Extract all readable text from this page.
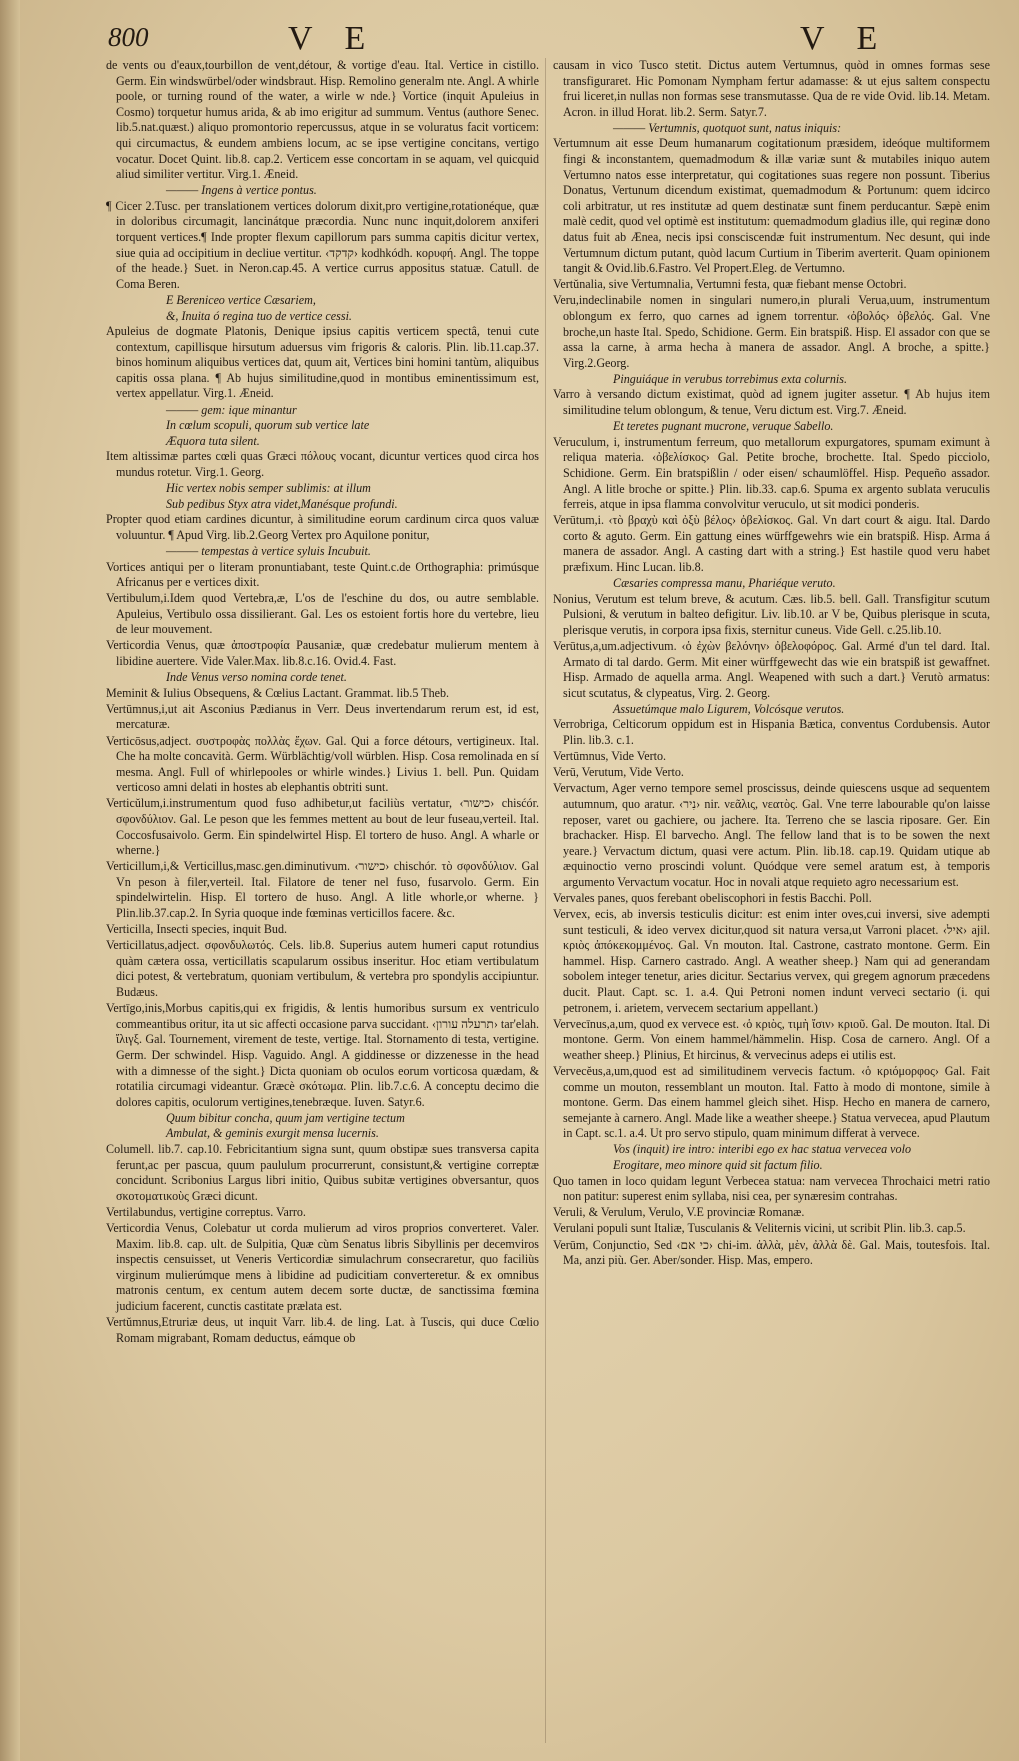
800	V E	V E
de vents ou d'eaux,tourbillon de vent,détour, & vortige d'eau. Ital. Vertice in cistillo. Germ. Ein windswürbel/oder windsbraut. Hisp. Remolino generalm nte. Angl. A whirle poole, or turning round of the water, a wirle w nde.} Vortice (inquit Apuleius in Cosmo) torquetur humus arida, & ab imo erigitur ad summum. Ventus (authore Senec. lib.5.nat.quæst.) aliquo promontorio repercussus, atque in se voluratus facit vorticem: qui circumactus, & eundem ambiens locum, ac se ipse vertigine concitans, vertigo vocatur. Docet Quint. lib.8. cap.2. Verticem esse concortam in se aquam, vel quicquid aliud similiter vertitur. Virg.1. Æneid.
——— Ingens à vertice pontus.
¶ Cicer 2.Tusc. per translationem vertices dolorum dixit,pro vertigine,rotationéque, quæ in doloribus circumagit, lancinátque præcordia. Nunc nunc inquit,dolorem anxiferi torquent vertices.¶ Inde propter flexum capillorum pars summa capitis dicitur vertex, siue quia ad occipitium in decliue vertitur. ‹קדקד› kodhkódh. κορυφή. Angl. The toppe of the heade.} Suet. in Neron.cap.45. A vertice currus appositus statuæ. Catull. de Coma Beren.
E Berenicео vertice Cæsariem,
&, Inuita ó regina tuo de vertice cessi.
Apuleius de dogmate Platonis, Denique ipsius capitis verticem spectâ, tenui cute contextum, capillisque hirsutum aduersus vim frigoris & caloris. Plin. lib.11.cap.37. binos hominum aliquibus vertices dat, quum ait, Vertices bini homini tantùm, aliquibus capitis ossa plana. ¶ Ab hujus similitudine,quod in montibus eminentissimum est, vertex appellatur. Virg.1. Æneid.
——— gem: ique minantur
In cœlum scopuli, quorum sub vertice late
Æquora tuta silent.
Item altissimæ partes cœli quas Græci πόλους vocant, dicuntur vertices quod circa hos mundus rotetur. Virg.1. Georg.
Hic vertex nobis semper sublimis: at illum
Sub pedibus Styx atra videt,Manésque profundi.
Propter quod etiam cardines dicuntur, à similitudine eorum cardinum circa quos valuæ voluuntur. ¶ Apud Virg. lib.2.Georg Vertex pro Aquilone ponitur,
——— tempestas à vertice syluis Incubuit.
Vortices antiqui per o literam pronuntiabant, teste Quint.c.de Orthographia: primúsque Africanus per e vertices dixit.
Vertibulum,i.Idem quod Vertebra,æ, L'os de l'eschine du dos, ou autre semblable. Apuleius, Vertibulo ossa dissilierant. Gal. Les os estoient fortis hore du vertebre, lieu de leur mouvement.
Verticordia Venus, quæ ἀποστροφία Pausaniæ, quæ credebatur mulierum mentem à libidine auertere. Vide Valer.Max. lib.8.c.16. Ovid.4. Fast.
Inde Venus verso nomina corde tenet.
Meminit & Iulius Obsequens, & Cœlius Lactant. Grammat. lib.5 Theb.
Vertūmnus,i,ut ait Asconius Pædianus in Verr. Deus invertendarum rerum est, id est, mercaturæ.
Verticōsus,adject. συστροφὰς πολλὰς ἔχων. Gal. Qui a force détours, vertigineux. Ital. Che ha molte concavità. Germ. Würblächtig/voll würblen. Hisp. Cosa remolinada en sí mesma. Angl. Full of whirlepooles or whirle windes.} Livius 1. bell. Pun. Quidam verticoso amni delati in hostes ab elephantis obtriti sunt.
Verticŭlum,i.instrumentum quod fuso adhibetur,ut faciliùs vertatur, ‹כישור› chisćór. σφονδύλιον. Gal. Le peson que les femmes mettent au bout de leur fuseau,verteil. Ital. Coccosfusaivolo. Germ. Ein spindelwirtel Hisp. El tortero de huso. Angl. A wharle or wherne.}
Verticillum,i,& Verticillus,masc.gen.diminutivum. ‹כישור› chischór. τὸ σφονδύλιον. Gal Vn peson à filer,verteil. Ital. Filatore de tener nel fuso, fusarvolo. Germ. Ein spindelwirtelin. Hisp. El tortero de huso. Angl. A litle whorle,or wherne. } Plin.lib.37.cap.2. In Syria quoque inde fœminas verticillos facere. &c.
Verticilla, Insecti species, inquit Bud.
Verticillatus,adject. σφονδυλωτός. Cels. lib.8. Superius autem humeri caput rotundius quàm cætera ossa, verticillatis scapularum ossibus inseritur. Hoc etiam vertibulatum dici potest, & vertebratum, quoniam vertibulum, & vertebra pro spondylis accipiuntur. Budæus.
Vertīgo,inis,Morbus capitis,qui ex frigidis, & lentis humoribus sursum ex ventriculo commeantibus oritur, ita ut sic affecti occasione parva succidant. ‹תרעלה עורון› tar'elah. ἴλιγξ. Gal. Tournement, virement de teste, vertige. Ital. Stornamento di testa, vertigine. Germ. Der schwindel. Hisp. Vaguido. Angl. A giddinesse or dizzenesse in the head with a dimnesse of the sight.} Dicta quoniam ob oculos eorum vorticosa quædam, & rotatilia circumagi videantur. Græcè σκότωμα. Plin. lib.7.c.6. A conceptu decimo die dolores capitis, oculorum vertigines,tenebræque. Iuven. Satyr.6.
Quum bibitur concha, quum jam vertigine tectum
Ambulat, & geminis exurgit mensa lucernis.
Columell. lib.7. cap.10. Febricitantium signa sunt, quum obstipæ sues transversa capita ferunt,ac per pascua, quum paululum procurrerunt, consistunt,& vertigine correptæ concidunt. Scribonius Largus libri initio, Quibus subitæ vertigines obversantur, quos σκοτοματικοὺς Græci dicunt.
Vertilabundus, vertigine correptus. Varro.
Verticordia Venus, Colebatur ut corda mulierum ad viros proprios converteret. Valer. Maxim. lib.8. cap. ult. de Sulpitia, Quæ cùm Senatus libris Sibyllinis per decemviros inspectis censuisset, ut Veneris Verticordiæ simulachrum consecraretur, quo faciliùs virginum mulierúmque mens à libidine ad pudicitiam converteretur. & ex omnibus matronis centum, ex centum autem decem sorte ductæ, de sanctissima fœmina judicium facerent, cunctis castitate prælata est.
Vertŭmnus,Etruriæ deus, ut inquit Varr. lib.4. de ling. Lat. à Tuscis, qui duce Cœlio Romam migrabant, Romam deductus, eámque ob
causam in vico Tusco stetit. Dictus autem Vertumnus, quòd in omnes formas sese transfiguraret. Hic Pomonam Nympham fertur adamasse: & ut ejus saltem conspectu frui liceret,in nullas non formas sese transmutasse. Qua de re vide Ovid. lib.14. Metam. Acron. in illud Horat. lib.2. Serm. Satyr.7.
——— Vertumnis, quotquot sunt, natus iniquis:
Vertumnum ait esse Deum humanarum cogitationum præsidem, ideóque multiformem fingi & inconstantem, quemadmodum & illæ variæ sunt & mutabiles iniquo autem Vertumno natos esse interpretatur, qui cogitationes suas regere non possunt. Tiberius Donatus, Vertunum dicendum existimat, quemadmodum & Portunum: quem idcirco coli arbitratur, ut res institutæ ad quem destinatæ sunt finem perducantur. Sæpè enim malè cedit, quod vel optimè est institutum: quemadmodum gladius ille, qui reginæ dono datus fuit ab Ænea, necis ipsi consciscendæ fuit instrumentum. Nec desunt, qui inde Vertumnum dictum putant, quòd lacum Curtium in Tiberim averterit. Quam opinionem tangit & Ovid.lib.6.Fastro. Vel Propert.Eleg. de Vertumno.
Vertŭnalia, sive Vertumnalia, Vertumni festa, quæ fiebant mense Octobri.
Veru,indeclinabile nomen in singulari numero,in plurali Verua,uum, instrumentum oblongum ex ferro, quo carnes ad ignem torrentur. ‹ὀβολός› ὀβελός. Gal. Vne broche,un haste Ital. Spedo, Schidione. Germ. Ein bratspiß. Hisp. El assador con que se assa la carne, à arma hecha à manera de assador. Angl. A broche, a spitte.} Virg.2.Georg.
Pinguiáque in verubus torrebimus exta colurnis.
Varro à versando dictum existimat, quòd ad ignem jugiter assetur. ¶ Ab hujus item similitudine telum oblongum, & tenue, Veru dictum est. Virg.7. Æneid.
Et teretes pugnant mucrone, veruque Sabello.
Veruculum, i, instrumentum ferreum, quo metallorum expurgatores, spumam eximunt à reliqua materia. ‹ὀβελίσκος› Gal. Petite broche, brochette. Ital. Spedo picciolo, Schidione. Germ. Ein bratspißlin / oder eisen/ schaumlöffel. Hisp. Pequeño assador. Angl. A litle broche or spitte.} Plin. lib.33. cap.6. Spuma ex argento sublata veruculis ferreis, atque in ipsa flamma convolvitur veruculo, ut sit modici ponderis.
Verūtum,i. ‹τὸ βραχὺ καὶ ὀξὺ βέλος› ὀβελίσκος. Gal. Vn dart court & aigu. Ital. Dardo corto & aguto. Germ. Ein gattung eines würffgewehrs wie ein bratspiß. Hisp. Arma á manera de assador. Angl. A casting dart with a string.} Est hastile quod veru habet præfixum. Hinc Lucan. lib.8.
Cæsaries compressa manu, Phariéque veruto.
Nonius, Verutum est telum breve, & acutum. Cæs. lib.5. bell. Gall. Transfigitur scutum Pulsioni, & verutum in balteo defigitur. Liv. lib.10. ar V be, Quibus plerisque in scuta, plerisque verutis, in corpora ipsa fixis, sternitur cuneus. Vide Gell. c.25.lib.10.
Verūtus,a,um.adjectivum. ‹ὁ ἐχὼν βελόνην› ὀβελοφόρος. Gal. Armé d'un tel dard. Ital. Armato di tal dardo. Germ. Mit einer würffgewecht das wie ein bratspiß ist gewaffnet. Hisp. Armado de aquella arma. Angl. Weapened with such a dart.} Verutò armatus: sicut scutatus, & clypeatus, Virg. 2. Georg.
Assuetúmque malo Ligurem, Volcósque verutos.
Verrobriga, Celticorum oppidum est in Hispania Bætica, conventus Cordubensis. Autor Plin. lib.3. c.1.
Vertūmnus, Vide Verto.
Verū, Verutum, Vide Verto.
Vervactum, Ager verno tempore semel proscissus, deinde quiescens usque ad sequentem autumnum, quo aratur. ‹נִיר› nir. νεᾶλις, νεατὸς. Gal. Vne terre labourable qu'on laisse reposer, varet ou gachiere, ou jachere. Ita. Terreno che se lascia riposare. Ger. Ein brachacker. Hisp. El barvecho. Angl. The fellow land that is to be sowen the next yeare.} Vervactum dictum, quasi vere actum. Plin. lib.18. cap.19. Quidam utique ab æquinoctio verno proscindi volunt. Quódque vere semel aratum est, à temporis argumento Vervactum vocatur. Hoc in novali atque requieto agro necessarium est.
Vervales panes, quos ferebant obeliscophori in festis Bacchi. Poll.
Vervex, ecis, ab inversis testiculis dicitur: est enim inter oves,cui inversi, sive adempti sunt testiculi, & ideo vervex dicitur,quod sit natura versa,ut Varroni placet. ‹איל› ajil. κριὸς ἀπόκεκομμένος. Gal. Vn mouton. Ital. Castrone, castrato montone. Germ. Ein hammel. Hisp. Carnero castrado. Angl. A weather sheep.} Nam qui ad generandam sobolem integer tenetur, aries dicitur. Sectarius vervex, qui gregem agnorum præcedens ducit. Plaut. Capt. sc. 1. a.4. Qui Petroni nomen indunt verveci sectario (i. qui petronem, i. arietem, vervecem sectarium appellant.)
Vervecīnus,a,um, quod ex vervece est. ‹ὁ κριὸς, τιμὴ ἴσιν› κριοῦ. Gal. De mouton. Ital. Di montone. Germ. Von einem hammel/hämmelin. Hisp. Cosa de carnero. Angl. Of a weather sheep.} Plinius, Et hircinus, & vervecinus adeps ei utilis est.
Vervecĕus,a,um,quod est ad similitudinem vervecis factum. ‹ὁ κριόμορφος› Gal. Fait comme un mouton, ressemblant un mouton. Ital. Fatto à modo di montone, simile à montone. Germ. Das einem hammel gleich sihet. Hisp. Hecho en manera de carnero, semejante à carnero. Angl. Made like a weather sheepe.} Statua vervecea, apud Plautum in Capt. sc.1. a.4. Ut pro servo stipulo, quam minimum differat à vervece.
Vos (inquit) ire intro: interibi ego ex hac statua vervecea volo
Erogitare, meo minore quid sit factum filio.
Quo tamen in loco quidam legunt Verbecea statua: nam vervecea Throchaici metri ratio non patitur: superest enim syllaba, nisi cea, per synæresim contrahas.
Veruli, & Verulum, Verulo, V.E provinciæ Romanæ.
Verulani populi sunt Italiæ, Tusculanis & Veliternis vicini, ut scribit Plin. lib.3. cap.5.
Verūm, Conjunctio, Sed ‹כי אם› chi-im. ἀλλὰ, μὲν, ἀλλὰ δὲ. Gal. Mais, toutesfois. Ital. Ma, anzi più. Ger. Aber/sonder. Hisp. Mas, empero.
